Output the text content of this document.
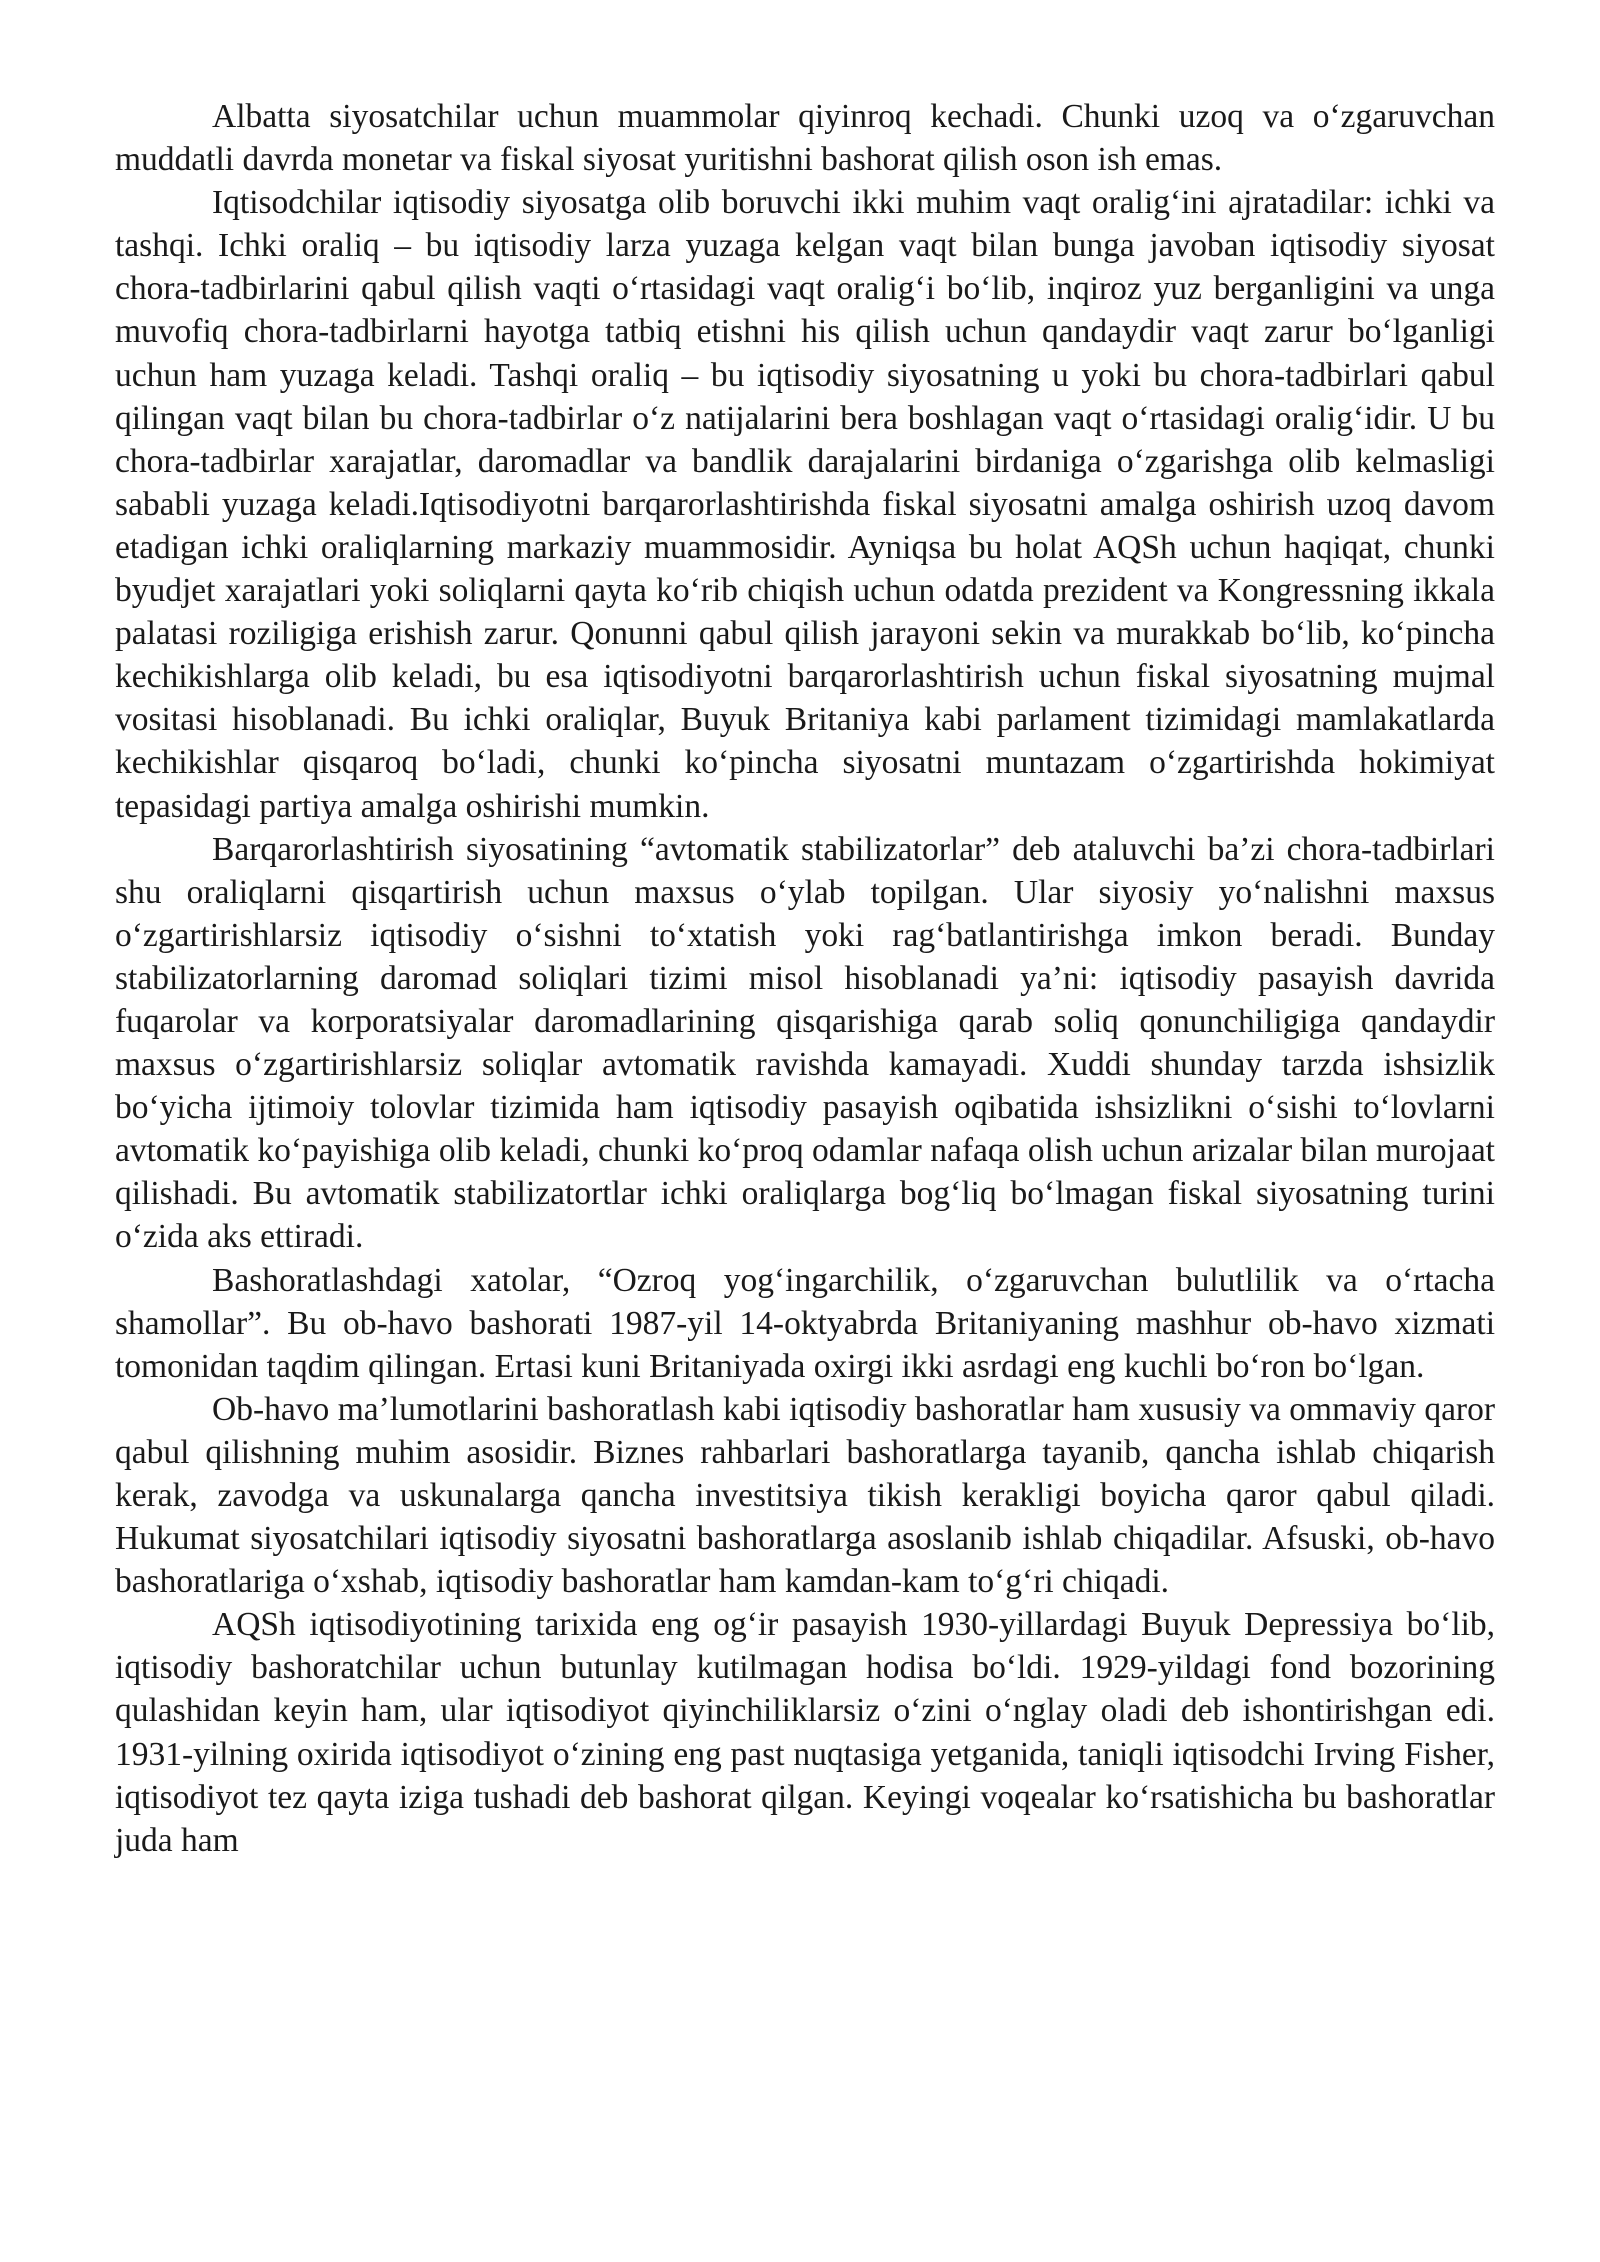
Albatta siyosatchilar uchun muammolar qiyinroq kechadi. Chunki uzoq va o‘zgaruvchan muddatli davrda monetar va fiskal siyosat yuritishni bashorat qilish oson ish emas.

Iqtisodchilar iqtisodiy siyosatga olib boruvchi ikki muhim vaqt oralig‘ini ajratadilar: ichki va tashqi. Ichki oraliq – bu iqtisodiy larza yuzaga kelgan vaqt bilan bunga javoban iqtisodiy siyosat chora-tadbirlarini qabul qilish vaqti o‘rtasidagi vaqt oralig‘i bo‘lib, inqiroz yuz berganligini va unga muvofiq chora-tadbirlarni hayotga tatbiq etishni his qilish uchun qandaydir vaqt zarur bo‘lganligi uchun ham yuzaga keladi. Tashqi oraliq – bu iqtisodiy siyosatning u yoki bu chora-tadbirlari qabul qilingan vaqt bilan bu chora-tadbirlar o‘z natijalarini bera boshlagan vaqt o‘rtasidagi oralig‘idir. U bu chora-tadbirlar xarajatlar, daromadlar va bandlik darajalarini birdaniga o‘zgarishga olib kelmasligi sababli yuzaga keladi.Iqtisodiyotni barqarorlashtirishda fiskal siyosatni amalga oshirish uzoq davom etadigan ichki oraliqlarning markaziy muammosidir. Ayniqsa bu holat AQSh uchun haqiqat, chunki byudjet xarajatlari yoki soliqlarni qayta ko‘rib chiqish uchun odatda prezident va Kongressning ikkala palatasi roziligiga erishish zarur. Qonunni qabul qilish jarayoni sekin va murakkab bo‘lib, ko‘pincha kechikishlarga olib keladi, bu esa iqtisodiyotni barqarorlashtirish uchun fiskal siyosatning mujmal vositasi hisoblanadi. Bu ichki oraliqlar, Buyuk Britaniya kabi parlament tizimidagi mamlakatlarda kechikishlar qisqaroq bo‘ladi, chunki ko‘pincha siyosatni muntazam o‘zgartirishda hokimiyat tepasidagi partiya amalga oshirishi mumkin.

Barqarorlashtirish siyosatining “avtomatik stabilizatorlar” deb ataluvchi ba’zi chora-tadbirlari shu oraliqlarni qisqartirish uchun maxsus o‘ylab topilgan. Ular siyosiy yo‘nalishni maxsus o‘zgartirishlarsiz iqtisodiy o‘sishni to‘xtatish yoki rag‘batlantirishga imkon beradi. Bunday stabilizatorlarning daromad soliqlari tizimi misol hisoblanadi ya’ni: iqtisodiy pasayish davrida fuqarolar va korporatsiyalar daromadlarining qisqarishiga qarab soliq qonunchiligiga qandaydir maxsus o‘zgartirishlarsiz soliqlar avtomatik ravishda kamayadi. Xuddi shunday tarzda ishsizlik bo‘yicha ijtimoiy tolovlar tizimida ham iqtisodiy pasayish oqibatida ishsizlikni o‘sishi to‘lovlarni avtomatik ko‘payishiga olib keladi, chunki ko‘proq odamlar nafaqa olish uchun arizalar bilan murojaat qilishadi. Bu avtomatik stabilizatortlar ichki oraliqlarga bog‘liq bo‘lmagan fiskal siyosatning turini o‘zida aks ettiradi.

Bashoratlashdagi xatolar, “Ozroq yog‘ingarchilik, o‘zgaruvchan bulutlilik va o‘rtacha shamollar”. Bu ob-havo bashorati 1987-yil 14-oktyabrda Britaniyaning mashhur ob-havo xizmati tomonidan taqdim qilingan. Ertasi kuni Britaniyada oxirgi ikki asrdagi eng kuchli bo‘ron bo‘lgan.

Ob-havo ma’lumotlarini bashoratlash kabi iqtisodiy bashoratlar ham xususiy va ommaviy qaror qabul qilishning muhim asosidir. Biznes rahbarlari bashoratlarga tayanib, qancha ishlab chiqarish kerak, zavodga va uskunalarga qancha investitsiya tikish kerakligi boyicha qaror qabul qiladi. Hukumat siyosatchilari iqtisodiy siyosatni bashoratlarga asoslanib ishlab chiqadilar. Afsuski, ob-havo bashoratlariga o‘xshab, iqtisodiy bashoratlar ham kamdan-kam to‘g‘ri chiqadi.

AQSh iqtisodiyotining tarixida eng og‘ir pasayish 1930-yillardagi Buyuk Depressiya bo‘lib, iqtisodiy bashoratchilar uchun butunlay kutilmagan hodisa bo‘ldi. 1929-yildagi fond bozorining qulashidan keyin ham, ular iqtisodiyot qiyinchiliklarsiz o‘zini o‘nglay oladi deb ishontirishgan edi. 1931-yilning oxirida iqtisodiyot o‘zining eng past nuqtasiga yetganida, taniqli iqtisodchi Irving Fisher, iqtisodiyot tez qayta iziga tushadi deb bashorat qilgan. Keyingi voqealar ko‘rsatishicha bu bashoratlar juda ham
